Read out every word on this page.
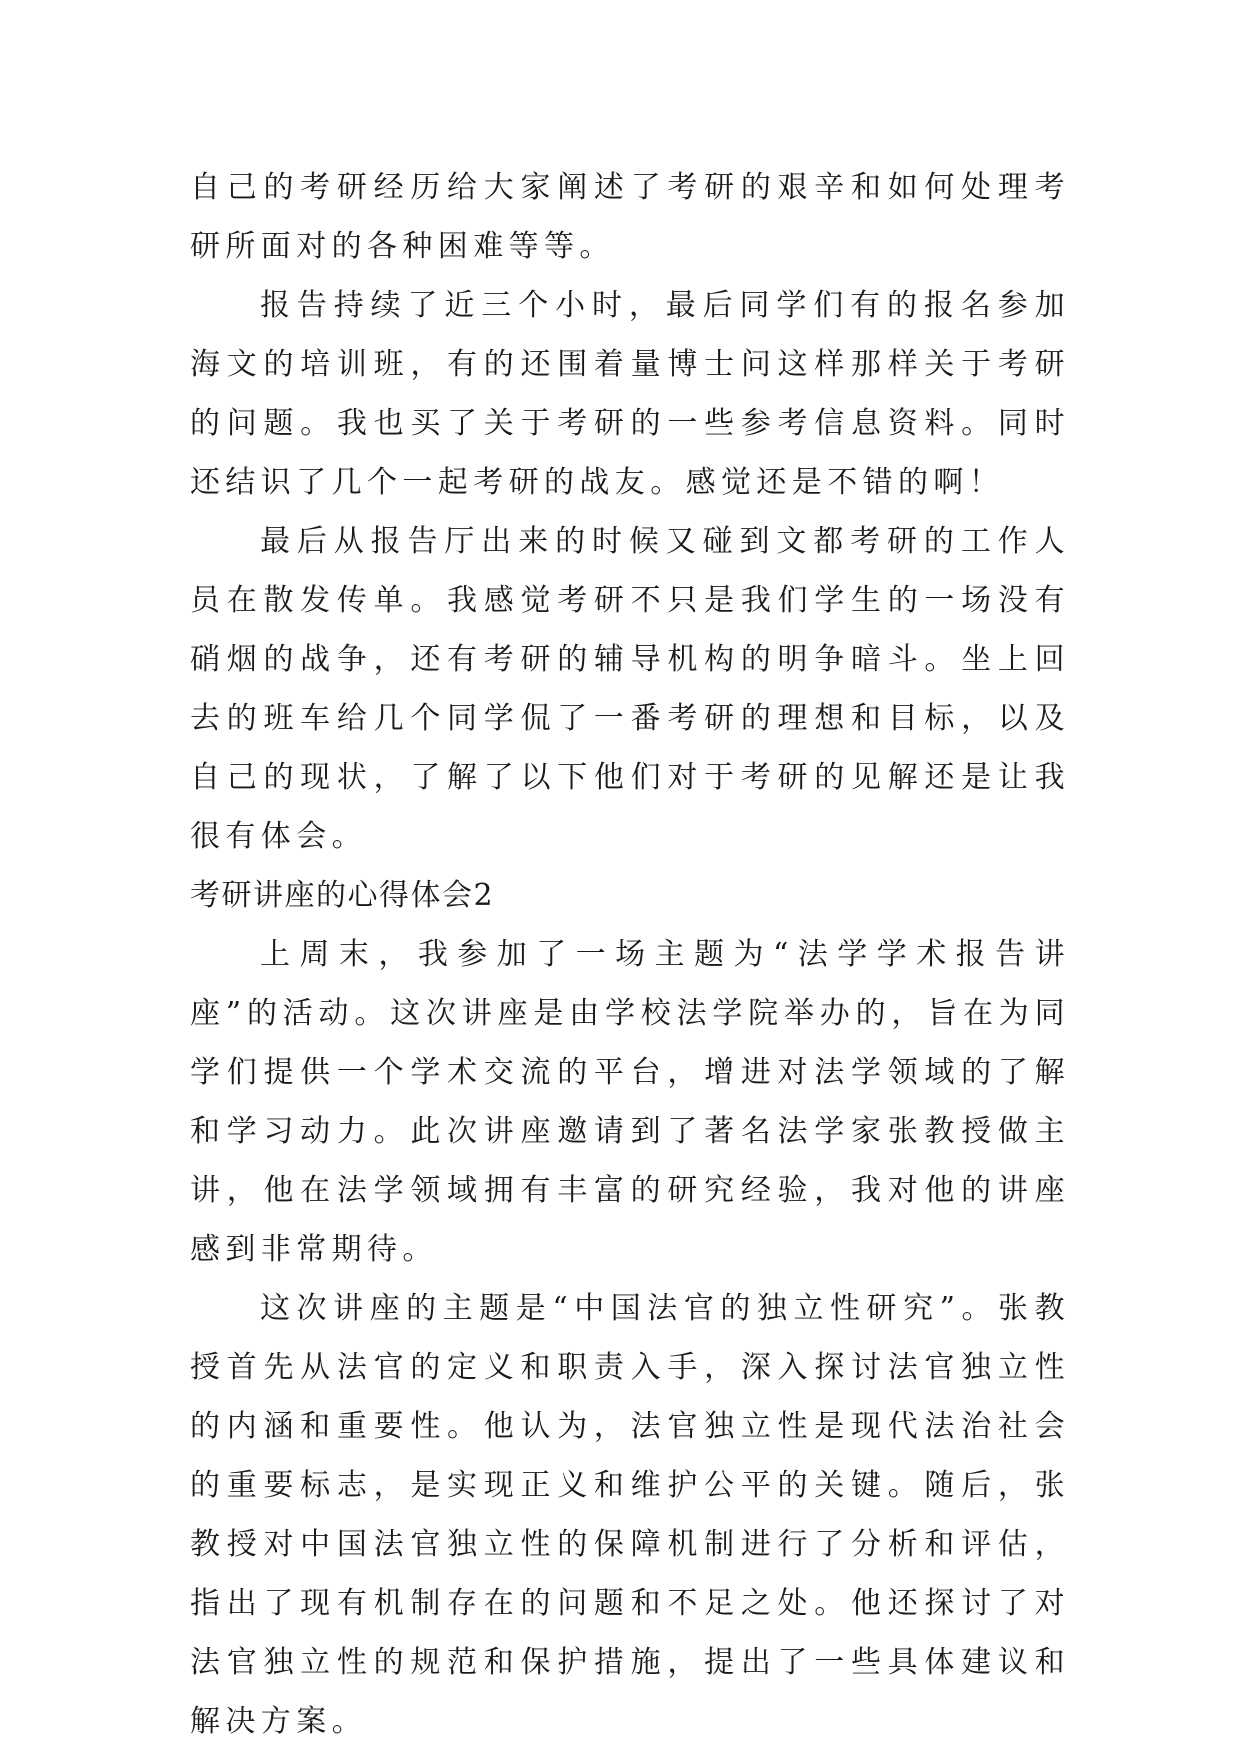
自己的考研经历给大家阐述了考研的艰辛和如何处理考研所面对的各种困难等等。

报告持续了近三个小时，最后同学们有的报名参加海文的培训班，有的还围着量博士问这样那样关于考研的问题。我也买了关于考研的一些参考信息资料。同时还结识了几个一起考研的战友。感觉还是不错的啊！

最后从报告厅出来的时候又碰到文都考研的工作人员在散发传单。我感觉考研不只是我们学生的一场没有硝烟的战争，还有考研的辅导机构的明争暗斗。坐上回去的班车给几个同学侃了一番考研的理想和目标，以及自己的现状，了解了以下他们对于考研的见解还是让我很有体会。

考研讲座的心得体会2

上周末，我参加了一场主题为“法学学术报告讲座”的活动。这次讲座是由学校法学院举办的，旨在为同学们提供一个学术交流的平台，增进对法学领域的了解和学习动力。此次讲座邀请到了著名法学家张教授做主讲，他在法学领域拥有丰富的研究经验，我对他的讲座感到非常期待。

这次讲座的主题是“中国法官的独立性研究”。张教授首先从法官的定义和职责入手，深入探讨法官独立性的内涵和重要性。他认为，法官独立性是现代法治社会的重要标志，是实现正义和维护公平的关键。随后，张教授对中国法官独立性的保障机制进行了分析和评估，指出了现有机制存在的问题和不足之处。他还探讨了对法官独立性的规范和保护措施，提出了一些具体建议和解决方案。
